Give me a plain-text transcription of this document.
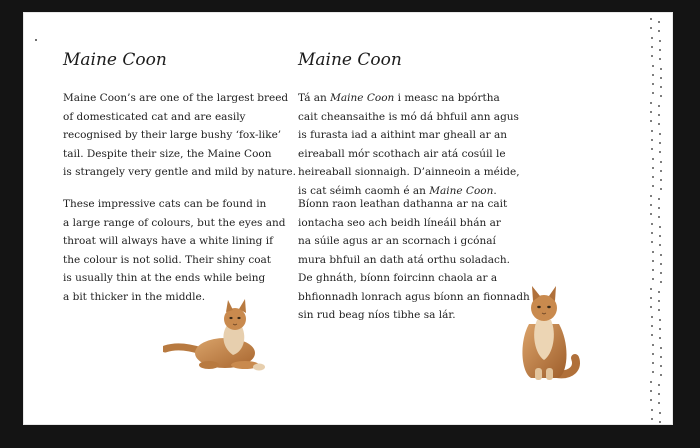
Maine Coon

Maine Coon’s are one of the largest breed
of domesticated cat and are easily
recognised by their large bushy ‘fox-like’
tail. Despite their size, the Maine Coon
is strangely very gentle and mild by nature.

These impressive cats can be found in
a large range of colours, but the eyes and
throat will always have a white lining if
the colour is not solid. Their shiny coat
is usually thin at the ends while being
a bit thicker in the middle.

Maine Coon

Tá an Maine Coon i measc na bpórtha
cait cheansaithe is mó dá bhfuil ann agus
is furasta iad a aithint mar gheall ar an
eireaball mór scothach air atá cosúil le
heireaball sionnaigh. D’ainneoin a méide,
is cat séimh caomh é an Maine Coon.

Bíonn raon leathan dathanna ar na cait
iontacha seo ach beidh líneáil bhán ar
na súile agus ar an scornach i gcónaí
mura bhfuil an dath atá orthu soladach.
De ghnáth, bíonn foircinn chaola ar a
bhfionnadh lonrach agus bíonn an fionnadh
sin rud beag níos tibhe sa lár.
